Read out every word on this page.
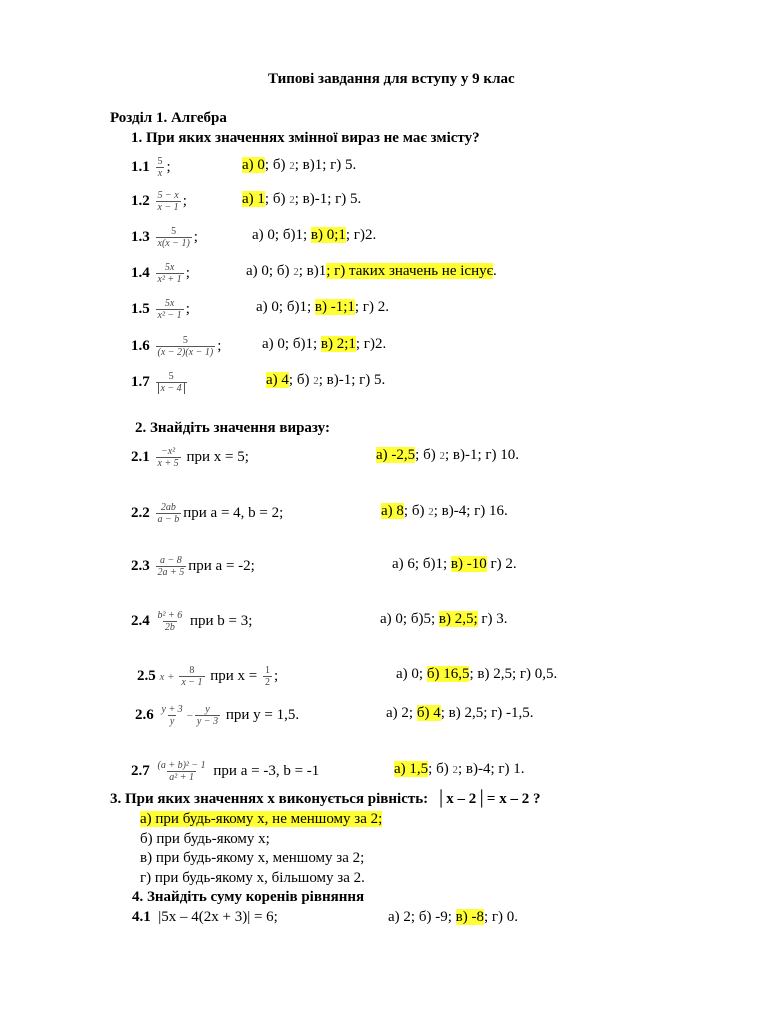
Типові завдання для вступу у 9 клас
Розділ 1. Алгебра
1. При яких значеннях змінної вираз не має змісту?
$1.1 \frac{5}{x}$ ;	а) 0; б) 2; в)1; г) 5.
$1.2 \frac{5 - x}{x - 1}$ ;	а) 1; б) 2; в)-1; г) 5.
$1.3 \frac{5}{x(x - 1)}$ ;	а) 0; б)1; в) 0;1; г)2.
$1.4 \frac{5x}{\text{x² + 1}}$ ;	а) 0; б) 2; в)1; г) таких значень не існує.
$1.5 \frac{5x}{\text{x² − 1}}$ ;	а) 0; б)1; в) -1;1; г) 2.
$1.6 \frac{5}{(x - 2)(x - 1)}$ ;	а) 0; б)1; в) 2;1; г)2.
$1.7 \frac{5}{x - 4}$	а) 4; б) 2; в)-1; г) 5.
2. Знайдіть значення виразу:
$2.1 \frac{\text{−x²}}{x + 5}$ при x = 5;	а) -2,5; б) 2; в)-1; г) 10.
$2.2 \frac{2ab}{a - b}$ при a = 4, b = 2;	а) 8; б) 2; в)-4; г) 16.
$2.3 \frac{a - 8}{2a + 5}$ при a = -2;	а) 6; б)1; в) -10 г) 2.
$2.4 \frac{\text{b² + 6}}{2b}$ при b = 3;	а) 0; б)5; в) 2,5; г) 3.
2.5 $x + \frac{8}{x - 1}$ при $x = \frac{1}{2}$ ;	а) 0; б) 16,5; в) 2,5; г) 0,5.
$2.6 \frac{y + 3}{y} - \frac{y}{y - 3}$ при y = 1,5.	а) 2; б) 4; в) 2,5; г) -1,5.
$2.7 \frac{\text{(a + b)² − 1}}{\text{a² + 1}}$ при a = -3, b = -1	а) 1,5; б) 2; в)-4; г) 1.
3. При яких значеннях x виконується рівність: │x – 2│= x – 2 ?
а) при будь-якому x, не меншому за 2;
б) при будь-якому x;
в) при будь-якому x, меншому за 2;
г) при будь-якому x, більшому за 2.
4. Знайдіть суму коренів рівняння
4.1 |5x – 4(2x + 3)| = 6;	а) 2; б) -9; в) -8; г) 0.
